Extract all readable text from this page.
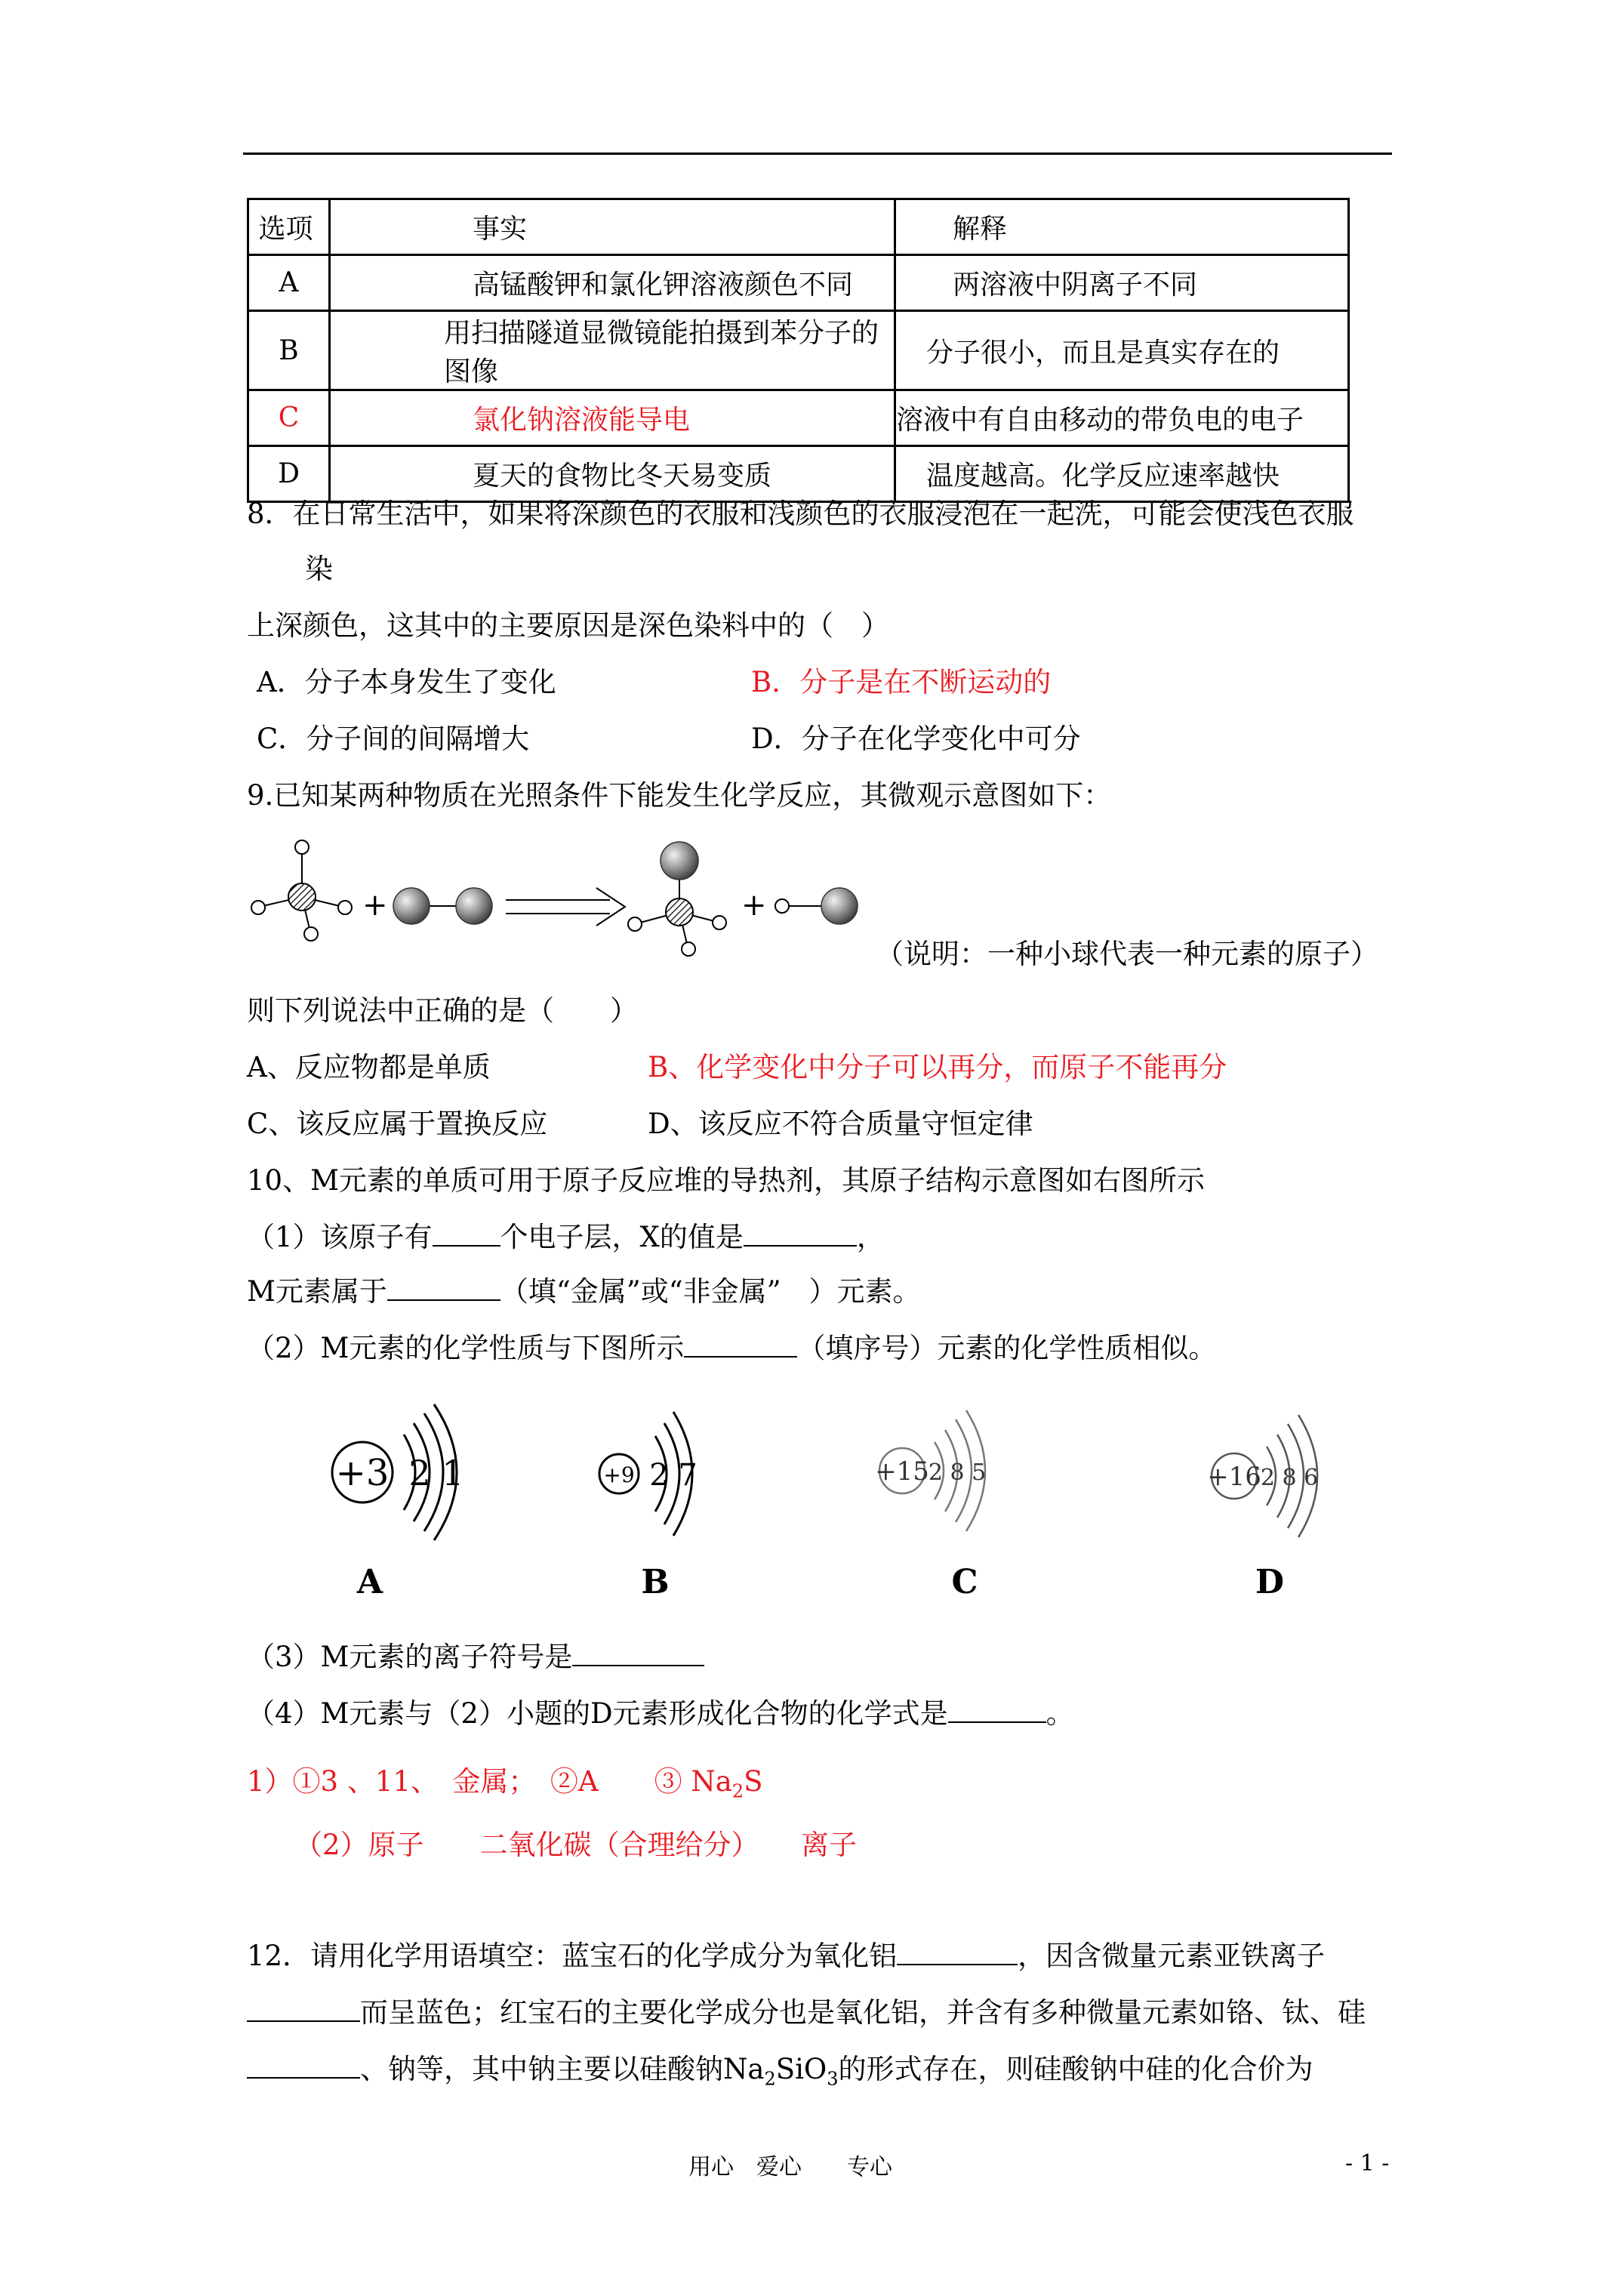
选项	事实	解释
A	高锰酸钾和氯化钾溶液颜色不同	两溶液中阴离子不同
B	用扫描隧道显微镜能拍摄到苯分子的图像	分子很小，而且是真实存在的
C	氯化钠溶液能导电	溶液中有自由移动的带负电的电子
D	夏天的食物比冬天易变质	温度越高。化学反应速率越快
8．在日常生活中，如果将深颜色的衣服和浅颜色的衣服浸泡在一起洗，可能会使浅色衣服
染
上深颜色，这其中的主要原因是深色染料中的（　）
A．分子本身发生了变化	B．分子是在不断运动的
C．分子间的间隔增大	D．分子在化学变化中可分
9.已知某两种物质在光照条件下能发生化学反应，其微观示意图如下：
+	+
（说明：一种小球代表一种元素的原子）
则下列说法中正确的是（　　）
A、反应物都是单质	B、化学变化中分子可以再分，而原子不能再分
C、该反应属于置换反应	D、该反应不符合质量守恒定律
10、M元素的单质可用于原子反应堆的导热剂，其原子结构示意图如右图所示
（1）该原子有 个电子层，X的值是	，
M元素属于	（填“金属”或“非金属”　）元素。
（2）M元素的化学性质与下图所示	（填序号）元素的化学性质相似。
+3 2 1
A
+9 2 7
B
+15
2 8 5
C
+16
2 8 6
D
（3）M元素的离子符号是
（4）M元素与（2）小题的D元素形成化合物的化学式是	。
1）①3 、11、　金属；　②A　　③ $Na_2S$
（2）原子　　二氧化碳（合理给分）　　离子
12．请用化学用语填空：蓝宝石的化学成分为氧化铝	，因含微量元素亚铁离子
而呈蓝色；红宝石的主要化学成分也是氧化铝，并含有多种微量元素如铬、钛、硅
、钠等，其中钠主要以硅酸钠$Na_2SiO_3$的形式存在，则硅酸钠中硅的化合价为
用心　爱心　　专心	- 1 -
